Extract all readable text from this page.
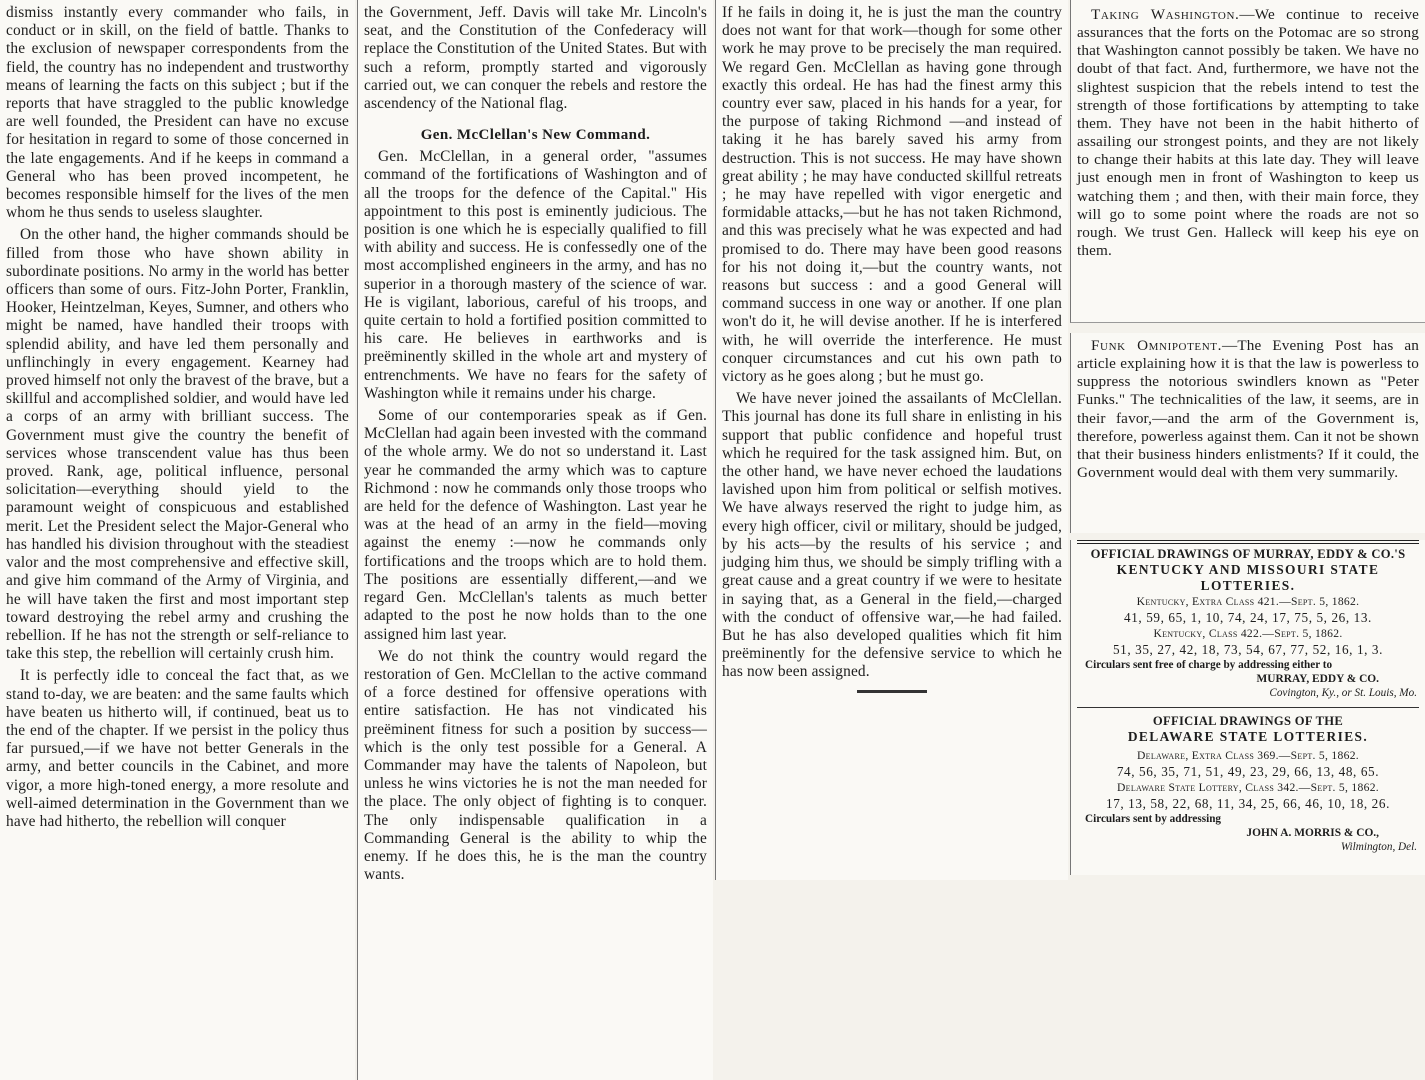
dismiss instantly every commander who fails, in conduct or in skill, on the field of battle. Thanks to the exclusion of newspaper correspondents from the field, the country has no independent and trustworthy means of learning the facts on this subject ; but if the reports that have straggled to the public knowledge are well founded, the President can have no excuse for hesitation in regard to some of those concerned in the late engagements. And if he keeps in command a General who has been proved incompetent, he becomes responsible himself for the lives of the men whom he thus sends to useless slaughter.

On the other hand, the higher commands should be filled from those who have shown ability in subordinate positions. No army in the world has better officers than some of ours. Fitz-John Porter, Franklin, Hooker, Heintzelman, Keyes, Sumner, and others who might be named, have handled their troops with splendid ability, and have led them personally and unflinchingly in every engagement. Kearney had proved himself not only the bravest of the brave, but a skillful and accomplished soldier, and would have led a corps of an army with brilliant success. The Government must give the country the benefit of services whose transcendent value has thus been proved. Rank, age, political influence, personal solicitation—everything should yield to the paramount weight of conspicuous and established merit. Let the President select the Major-General who has handled his division throughout with the steadiest valor and the most comprehensive and effective skill, and give him command of the Army of Virginia, and he will have taken the first and most important step toward destroying the rebel army and crushing the rebellion. If he has not the strength or self-reliance to take this step, the rebellion will certainly crush him.

It is perfectly idle to conceal the fact that, as we stand to-day, we are beaten: and the same faults which have beaten us hitherto will, if continued, beat us to the end of the chapter. If we persist in the policy thus far pursued,—if we have not better Generals in the army, and better councils in the Cabinet, and more vigor, a more high-toned energy, a more resolute and well-aimed determination in the Government than we have had hitherto, the rebellion will conquer

the Government, Jeff. Davis will take Mr. Lincoln's seat, and the Constitution of the Confederacy will replace the Constitution of the United States. But with such a reform, promptly started and vigorously carried out, we can conquer the rebels and restore the ascendency of the National flag.

Gen. McClellan's New Command.

Gen. McClellan, in a general order, "assumes command of the fortifications of Washington and of all the troops for the defence of the Capital." His appointment to this post is eminently judicious. The position is one which he is especially qualified to fill with ability and success. He is confessedly one of the most accomplished engineers in the army, and has no superior in a thorough mastery of the science of war. He is vigilant, laborious, careful of his troops, and quite certain to hold a fortified position committed to his care. He believes in earthworks and is preëminently skilled in the whole art and mystery of entrenchments. We have no fears for the safety of Washington while it remains under his charge.

Some of our contemporaries speak as if Gen. McClellan had again been invested with the command of the whole army. We do not so understand it. Last year he commanded the army which was to capture Richmond : now he commands only those troops who are held for the defence of Washington. Last year he was at the head of an army in the field—moving against the enemy :—now he commands only fortifications and the troops which are to hold them. The positions are essentially different,—and we regard Gen. McClellan's talents as much better adapted to the post he now holds than to the one assigned him last year.

We do not think the country would regard the restoration of Gen. McClellan to the active command of a force destined for offensive operations with entire satisfaction. He has not vindicated his preëminent fitness for such a position by success—which is the only test possible for a General. A Commander may have the talents of Napoleon, but unless he wins victories he is not the man needed for the place. The only object of fighting is to conquer. The only indispensable qualification in a Commanding General is the ability to whip the enemy. If he does this, he is the man the country wants.

If he fails in doing it, he is just the man the country does not want for that work—though for some other work he may prove to be precisely the man required. We regard Gen. McClellan as having gone through exactly this ordeal. He has had the finest army this country ever saw, placed in his hands for a year, for the purpose of taking Richmond —and instead of taking it he has barely saved his army from destruction. This is not success. He may have shown great ability ; he may have conducted skillful retreats ; he may have repelled with vigor energetic and formidable attacks,—but he has not taken Richmond, and this was precisely what he was expected and had promised to do. There may have been good reasons for his not doing it,—but the country wants, not reasons but success : and a good General will command success in one way or another. If one plan won't do it, he will devise another. If he is interfered with, he will override the interference. He must conquer circumstances and cut his own path to victory as he goes along ; but he must go.

We have never joined the assailants of McClellan. This journal has done its full share in enlisting in his support that public confidence and hopeful trust which he required for the task assigned him. But, on the other hand, we have never echoed the laudations lavished upon him from political or selfish motives. We have always reserved the right to judge him, as every high officer, civil or military, should be judged, by his acts—by the results of his service ; and judging him thus, we should be simply trifling with a great cause and a great country if we were to hesitate in saying that, as a General in the field,—charged with the conduct of offensive war,—he had failed. But he has also developed qualities which fit him preëminently for the defensive service to which he has now been assigned.

Taking Washington.—We continue to receive assurances that the forts on the Potomac are so strong that Washington cannot possibly be taken. We have no doubt of that fact. And, furthermore, we have not the slightest suspicion that the rebels intend to test the strength of those fortifications by attempting to take them. They have not been in the habit hitherto of assailing our strongest points, and they are not likely to change their habits at this late day. They will leave just enough men in front of Washington to keep us watching them ; and then, with their main force, they will go to some point where the roads are not so rough. We trust Gen. Halleck will keep his eye on them.

Funk Omnipotent.—The Evening Post has an article explaining how it is that the law is powerless to suppress the notorious swindlers known as "Peter Funks." The technicalities of the law, it seems, are in their favor,—and the arm of the Government is, therefore, powerless against them. Can it not be shown that their business hinders enlistments? If it could, the Government would deal with them very summarily.

OFFICIAL DRAWINGS OF MURRAY, EDDY & CO.'S
KENTUCKY AND MISSOURI STATE
LOTTERIES.
Kentucky, Extra Class 421.—Sept. 5, 1862.
41, 59, 65, 1, 10, 74, 24, 17, 75, 5, 26, 13.
Kentucky, Class 422.—Sept. 5, 1862.
51, 35, 27, 42, 18, 73, 54, 67, 77, 52, 16, 1, 3.
Circulars sent free of charge by addressing either to
MURRAY, EDDY & CO.
Covington, Ky., or St. Louis, Mo.
OFFICIAL DRAWINGS OF THE
DELAWARE STATE LOTTERIES.
Delaware, Extra Class 369.—Sept. 5, 1862.
74, 56, 35, 71, 51, 49, 23, 29, 66, 13, 48, 65.
Delaware State Lottery, Class 342.—Sept. 5, 1862.
17, 13, 58, 22, 68, 11, 34, 25, 66, 46, 10, 18, 26.
Circulars sent by addressing
JOHN A. MORRIS & CO.,
Wilmington, Del.
